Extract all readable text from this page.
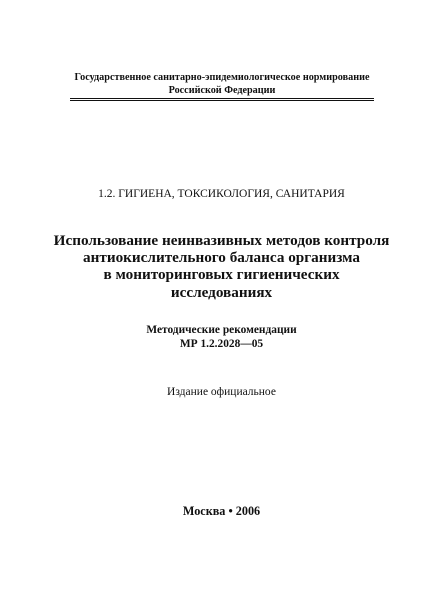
Государственное санитарно-эпидемиологическое нормирование
Российской Федерации
1.2. ГИГИЕНА, ТОКСИКОЛОГИЯ, САНИТАРИЯ
Использование неинвазивных методов контроля
антиокислительного баланса организма
в мониторинговых гигиенических
исследованиях
Методические рекомендации
МР 1.2.2028—05
Издание официальное
Москва • 2006
